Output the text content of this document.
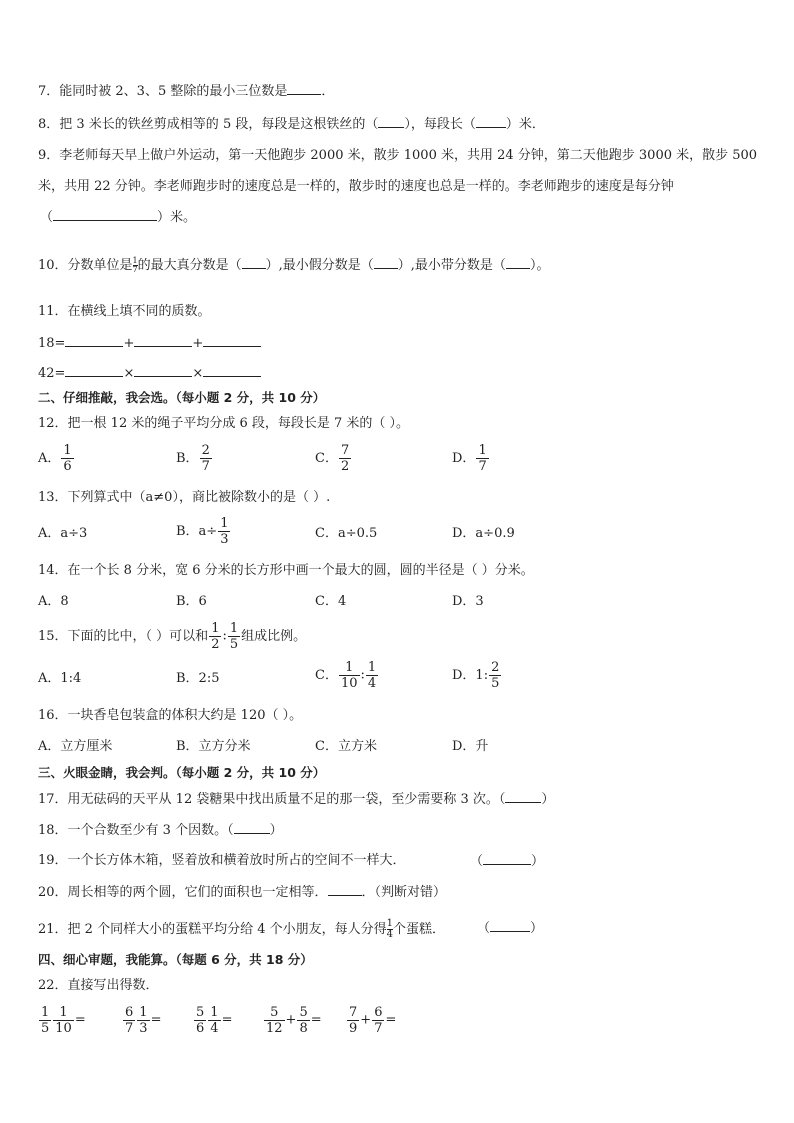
7．能同时被 2、3、5 整除的最小三位数是	．
8．把 3 米长的铁丝剪成相等的 5 段，每段是这根铁丝的（ ），每段长（ ）米．
9．李老师每天早上做户外运动，第一天他跑步 2000 米，散步 1000 米，共用 24 分钟，第二天他跑步 3000 米，散步 500
米，共用 22 分钟。李老师跑步时的速度总是一样的，散步时的速度也总是一样的。李老师跑步的速度是每分钟
（	）米。
10．分数单位是 $\frac{1}{7}$ 的最大真分数是（ ）,最小假分数是（ ）,最小带分数是（ ）。
11．在横线上填不同的质数。
18=	+	+
42=	×	×
二、仔细推敲，我会选。（每小题 2 分，共 10 分）
12．把一根 12 米的绳子平均分成 6 段，每段长是 7 米的（ ）。
A． $\frac{1}{6}$	B． $\frac{2}{7}$	C． $\frac{7}{2}$	D． $\frac{1}{7}$
13．下列算式中（a≠0），商比被除数小的是（ ）.
A．a÷3	B．$a\div \frac{1}{3}$	C．a÷0.5	D．a÷0.9
14．在一个长 8 分米，宽 6 分米的长方形中画一个最大的圆，圆的半径是（ ）分米。
A．8	B．6	C．4	D．3
15．下面的比中，（ ）可以和 $\frac{1}{2}$ : $\frac{1}{5}$ 组成比例。
A．1:4	B．2:5	C． $\frac{1}{10}$ : $\frac{1}{4}$	D．1: $\frac{2}{5}$
16．一块香皂包装盒的体积大约是 120（ ）。
A．立方厘米	B．立方分米	C．立方米	D．升
三、火眼金睛，我会判。（每小题 2 分，共 10 分）
17．用无砝码的天平从 12 袋糖果中找出质量不足的那一袋，至少需要称 3 次。（	）
18．一个合数至少有 3 个因数。（	）
19．一个长方体木箱，竖着放和横着放时所占的空间不一样大．	（	）
20．周长相等的两个圆，它们的面积也一定相等．	．（判断对错）
21．把 2 个同样大小的蛋糕平均分给 4 个小朋友，每人分得 $\frac{1}{4}$ 个蛋糕． （	）
四、细心审题，我能算。（每题 6 分，共 18 分）
22．直接写出得数．
$\frac{1}{5} \frac{1}{10}$ =	$\frac{6}{7} \frac{1}{3}$ =	$\frac{5}{6} \frac{1}{4} = \frac{5}{12} + \frac{5}{8} = \frac{7}{9} + \frac{6}{7}$ =
